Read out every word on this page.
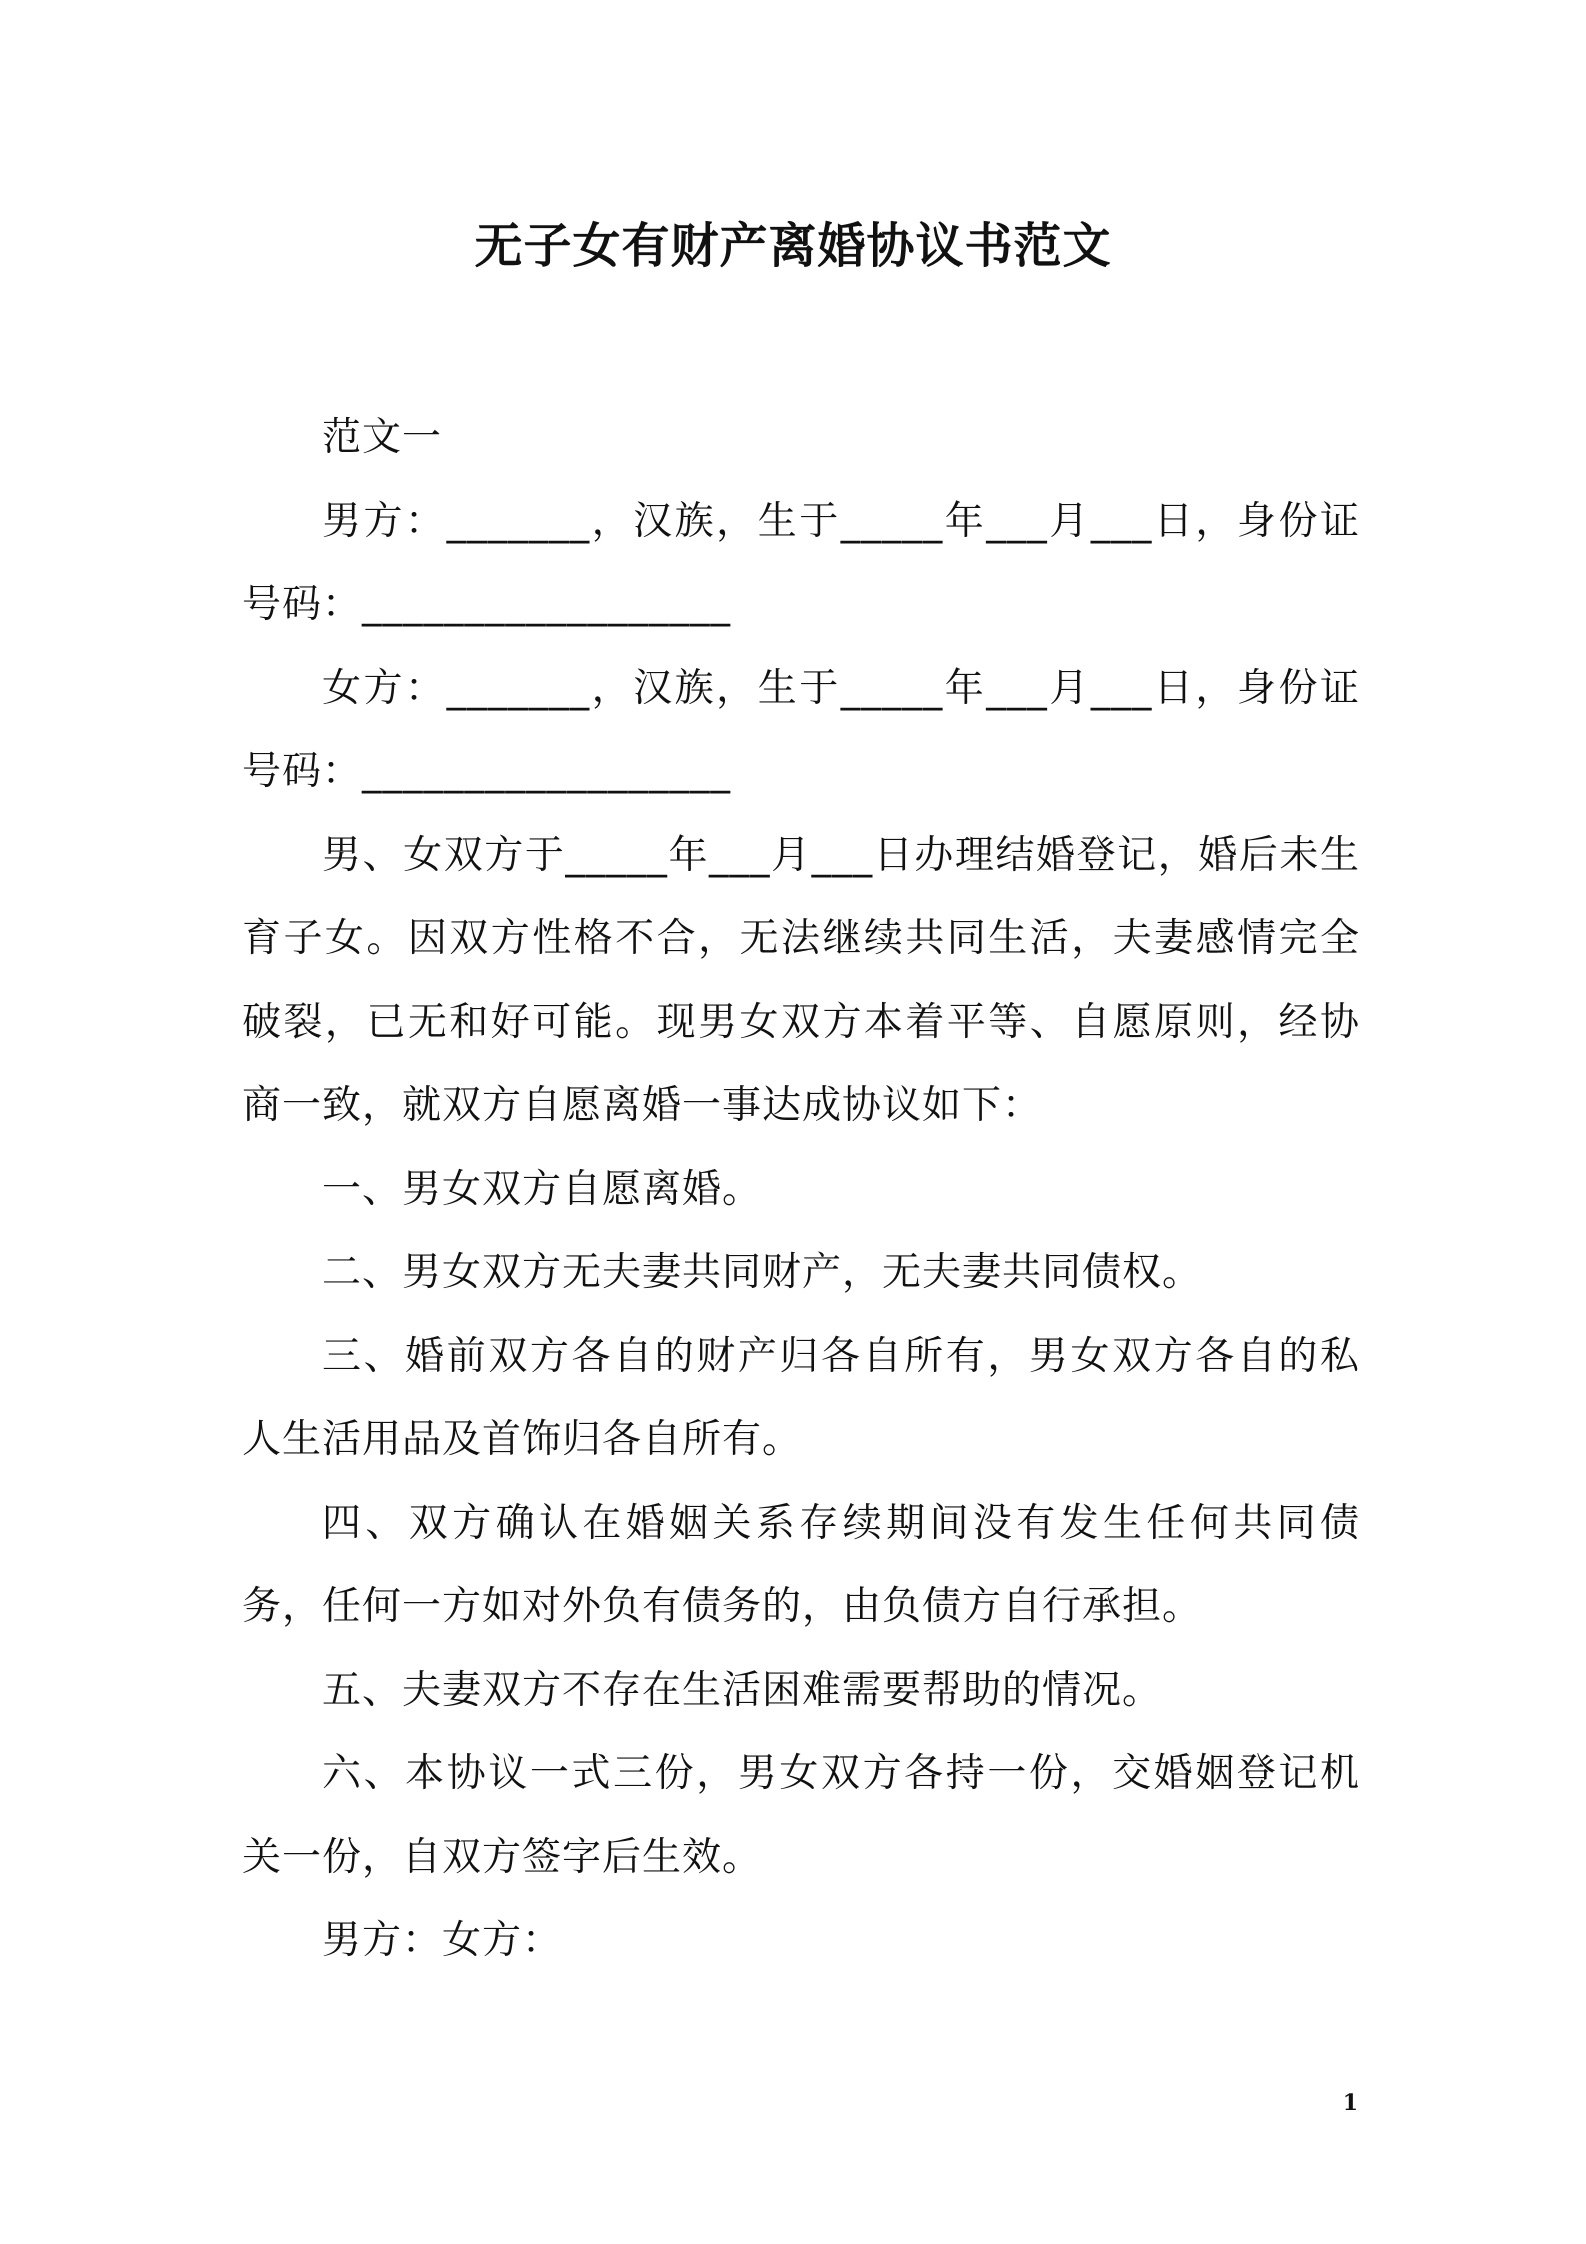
无子女有财产离婚协议书范文

范文一

男方：_______，汉族，生于_____年___月___日，身份证号码：__________________

女方：_______，汉族，生于_____年___月___日，身份证号码：__________________

男、女双方于_____年___月___日办理结婚登记，婚后未生育子女。因双方性格不合，无法继续共同生活，夫妻感情完全破裂，已无和好可能。现男女双方本着平等、自愿原则，经协商一致，就双方自愿离婚一事达成协议如下：

一、男女双方自愿离婚。

二、男女双方无夫妻共同财产，无夫妻共同债权。

三、婚前双方各自的财产归各自所有，男女双方各自的私人生活用品及首饰归各自所有。

四、双方确认在婚姻关系存续期间没有发生任何共同债务，任何一方如对外负有债务的，由负债方自行承担。

五、夫妻双方不存在生活困难需要帮助的情况。

六、本协议一式三份，男女双方各持一份，交婚姻登记机关一份，自双方签字后生效。

男方：女方：

1
